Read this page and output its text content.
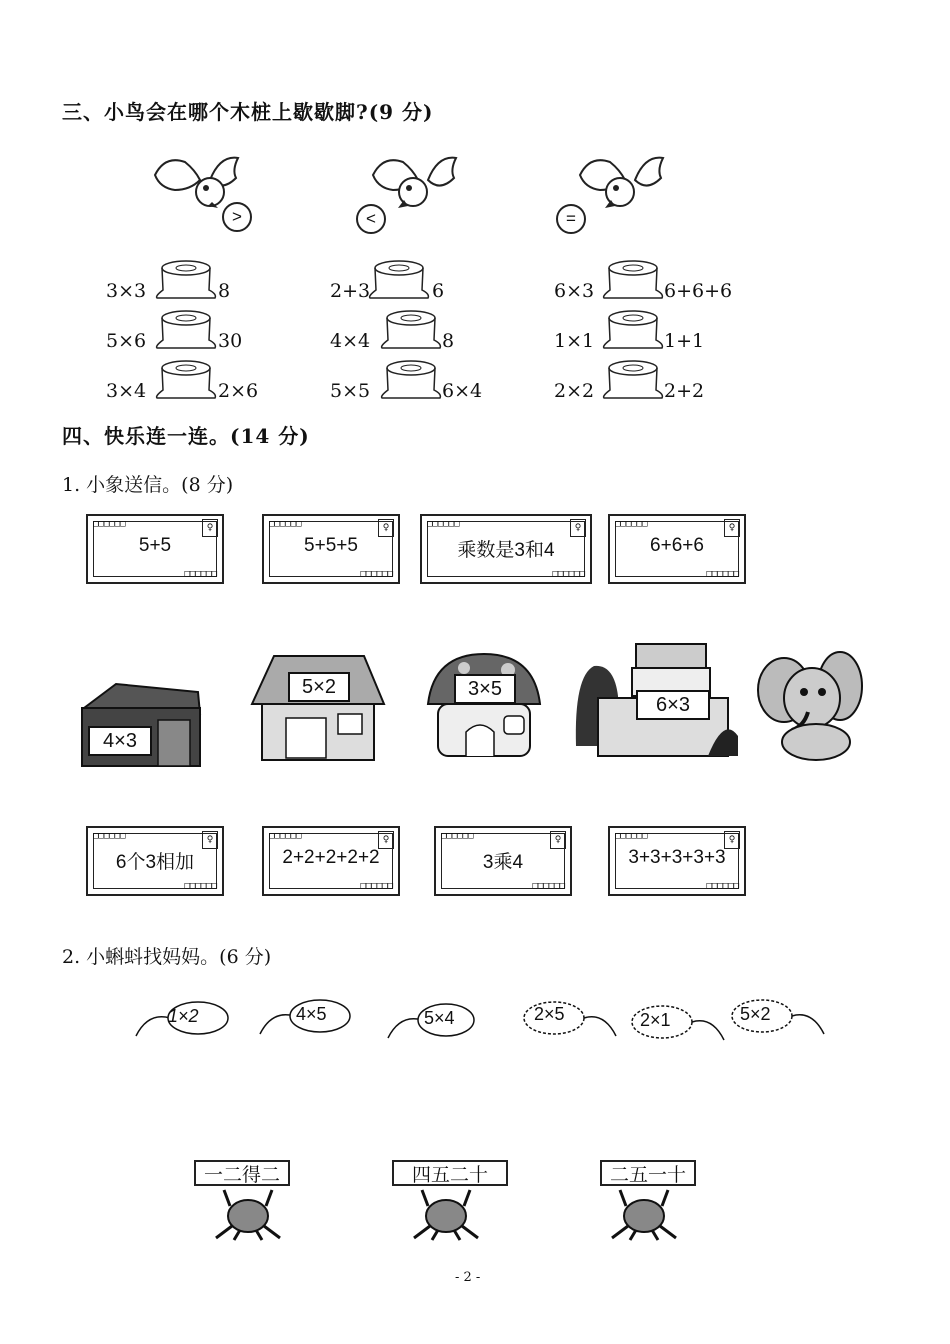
三、小鸟会在哪个木桩上歇歇脚?(9 分)
>	<	=
3×3	8
5×6	30
3×4	2×6
2+3	6
4×4	8
5×5	6×4
6×3	6+6+6
1×1	1+1
2×2	2+2
四、快乐连一连。(14 分)
1. 小象送信。(8 分)
□□□□□□	♀
5+5
□□□□□□
□□□□□□	♀
5+5+5
□□□□□□
□□□□□□	♀
乘数是3和4
□□□□□□
□□□□□□	♀
6+6+6
□□□□□□
4×3
5×2	3×5
6×3
□□□□□□	♀
6个3相加
□□□□□□
□□□□□□	♀
2+2+2+2+2
□□□□□□
□□□□□□	♀
3乘4
□□□□□□
□□□□□□	♀
3+3+3+3+3
□□□□□□
2. 小蝌蚪找妈妈。(6 分)
1×2	4×5	5×4	2×5	2×1	5×2
一二得二	四五二十	二五一十
- 2 -
